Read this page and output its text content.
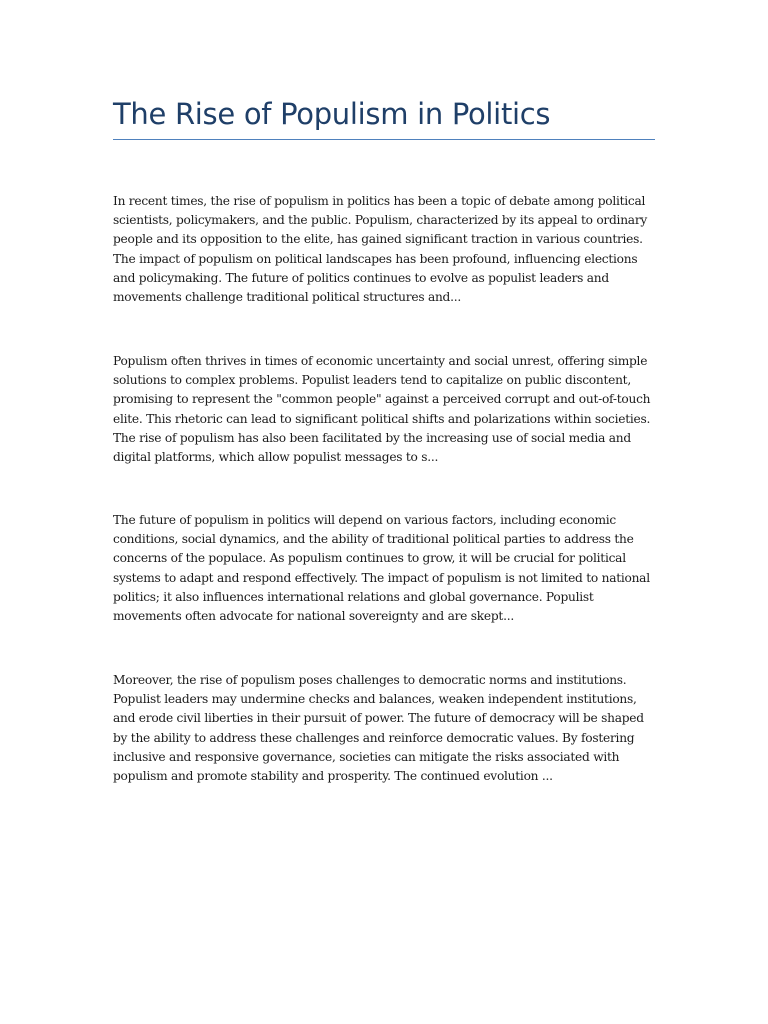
The Rise of Populism in Politics

In recent times, the rise of populism in politics has been a topic of debate among political scientists, policymakers, and the public. Populism, characterized by its appeal to ordinary people and its opposition to the elite, has gained significant traction in various countries. The impact of populism on political landscapes has been profound, influencing elections and policymaking. The future of politics continues to evolve as populist leaders and movements challenge traditional political structures and...

Populism often thrives in times of economic uncertainty and social unrest, offering simple solutions to complex problems. Populist leaders tend to capitalize on public discontent, promising to represent the "common people" against a perceived corrupt and out-of-touch elite. This rhetoric can lead to significant political shifts and polarizations within societies. The rise of populism has also been facilitated by the increasing use of social media and digital platforms, which allow populist messages to s...

The future of populism in politics will depend on various factors, including economic conditions, social dynamics, and the ability of traditional political parties to address the concerns of the populace. As populism continues to grow, it will be crucial for political systems to adapt and respond effectively. The impact of populism is not limited to national politics; it also influences international relations and global governance. Populist movements often advocate for national sovereignty and are skept...

Moreover, the rise of populism poses challenges to democratic norms and institutions. Populist leaders may undermine checks and balances, weaken independent institutions, and erode civil liberties in their pursuit of power. The future of democracy will be shaped by the ability to address these challenges and reinforce democratic values. By fostering inclusive and responsive governance, societies can mitigate the risks associated with populism and promote stability and prosperity. The continued evolution ...
